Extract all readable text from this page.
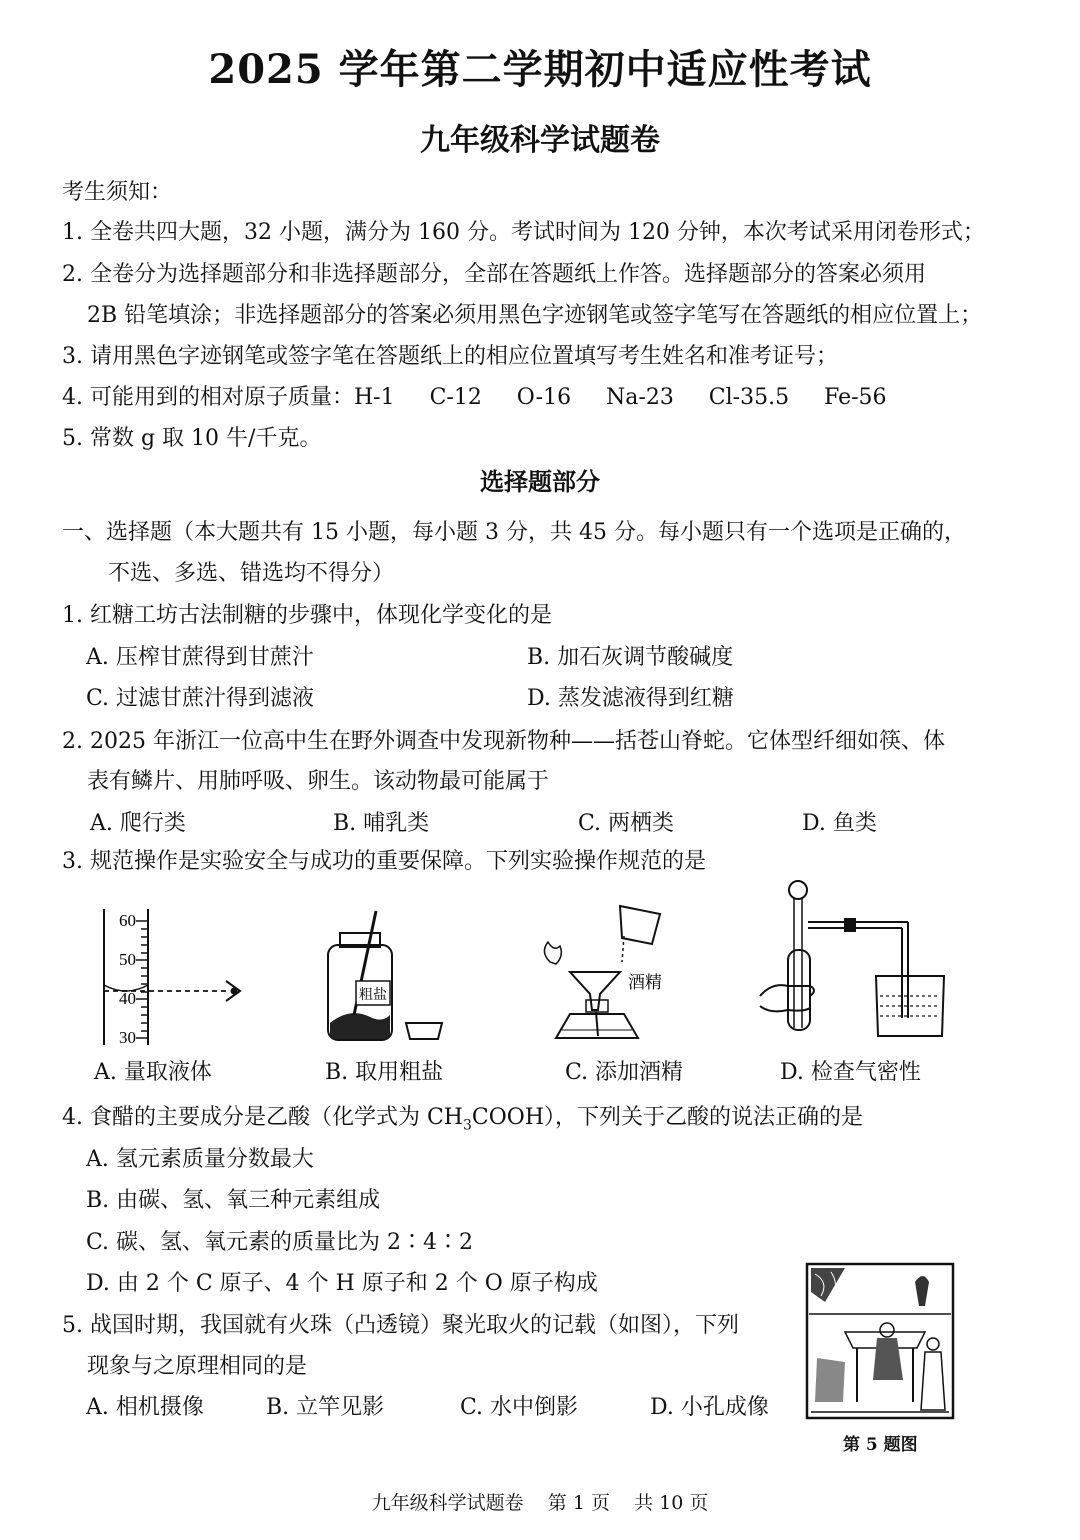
2025 学年第二学期初中适应性考试
九年级科学试题卷
考生须知：
1. 全卷共四大题，32 小题，满分为 160 分。考试时间为 120 分钟，本次考试采用闭卷形式；
2. 全卷分为选择题部分和非选择题部分，全部在答题纸上作答。选择题部分的答案必须用
2B 铅笔填涂；非选择题部分的答案必须用黑色字迹钢笔或签字笔写在答题纸的相应位置上；
3. 请用黑色字迹钢笔或签字笔在答题纸上的相应位置填写考生姓名和准考证号；
4. 可能用到的相对原子质量：H-1     C-12     O-16     Na-23     Cl-35.5     Fe-56
5. 常数 g 取 10 牛/千克。
选择题部分
一、选择题（本大题共有 15 小题，每小题 3 分，共 45 分。每小题只有一个选项是正确的，
不选、多选、错选均不得分）
1. 红糖工坊古法制糖的步骤中，体现化学变化的是
A. 压榨甘蔗得到甘蔗汁	B. 加石灰调节酸碱度
C. 过滤甘蔗汁得到滤液	D. 蒸发滤液得到红糖
2. 2025 年浙江一位高中生在野外调查中发现新物种——括苍山脊蛇。它体型纤细如筷、体
表有鳞片、用肺呼吸、卵生。该动物最可能属于
A. 爬行类	B. 哺乳类	C. 两栖类	D. 鱼类
3. 规范操作是实验安全与成功的重要保障。下列实验操作规范的是
60
50
40
30
粗盐
酒精
A. 量取液体	B. 取用粗盐	C. 添加酒精	D. 检查气密性
4. 食醋的主要成分是乙酸（化学式为 $CH_3COOH$），下列关于乙酸的说法正确的是
A. 氢元素质量分数最大
B. 由碳、氢、氧三种元素组成
C. 碳、氢、氧元素的质量比为 2∶4∶2
D. 由 2 个 C 原子、4 个 H 原子和 2 个 O 原子构成
5. 战国时期，我国就有火珠（凸透镜）聚光取火的记载（如图），下列
现象与之原理相同的是
A. 相机摄像	B. 立竿见影	C. 水中倒影	D. 小孔成像
第 5 题图
九年级科学试题卷    第 1 页    共 10 页
